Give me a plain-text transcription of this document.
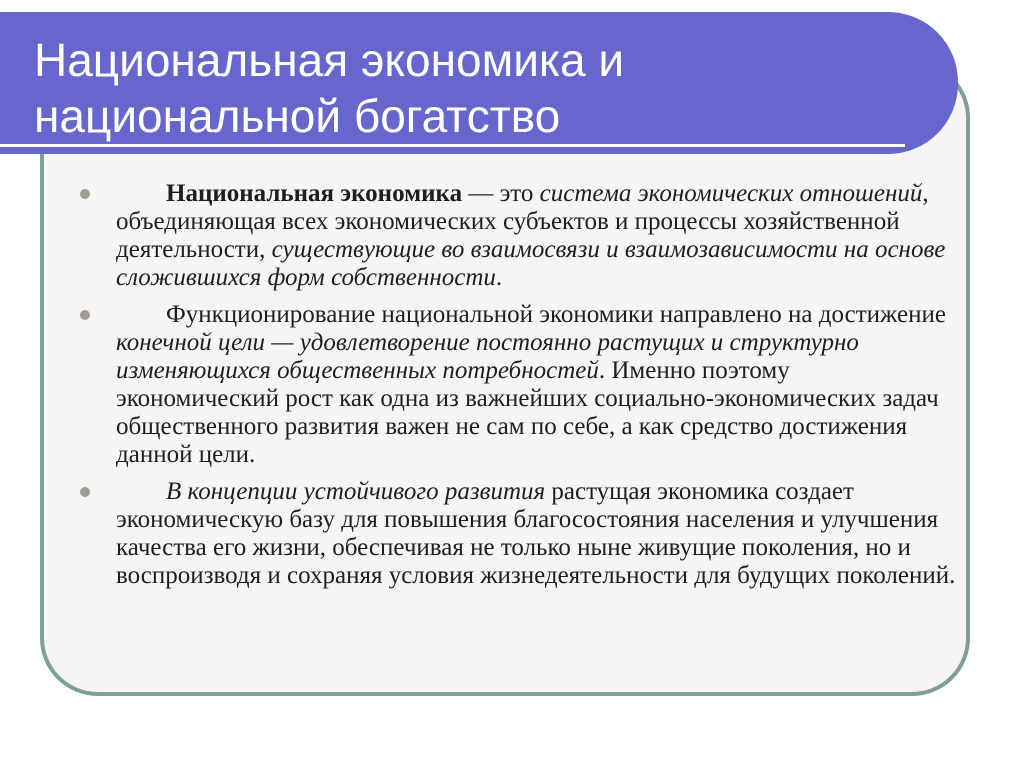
Национальная экономика и
национальной богатство
Национальная экономика — это система экономических отношений, объединяющая всех экономических субъектов и процессы хозяйственной деятельности, существующие во взаимосвязи и взаимозависимости на основе сложившихся форм собственности.
Функционирование национальной экономики направлено на достижение конечной цели — удовлетворение постоянно растущих и структурно изменяющихся общественных потребностей. Именно поэтому экономический рост как одна из важнейших социально-экономических задач общественного развития важен не сам по себе, а как средство достижения данной цели.
В концепции устойчивого развития растущая экономика создает экономическую базу для повышения благосостояния населения и улучшения качества его жизни, обеспечивая не только ныне живущие поколения, но и воспроизводя и сохраняя условия жизнедеятельности для будущих поколений.
